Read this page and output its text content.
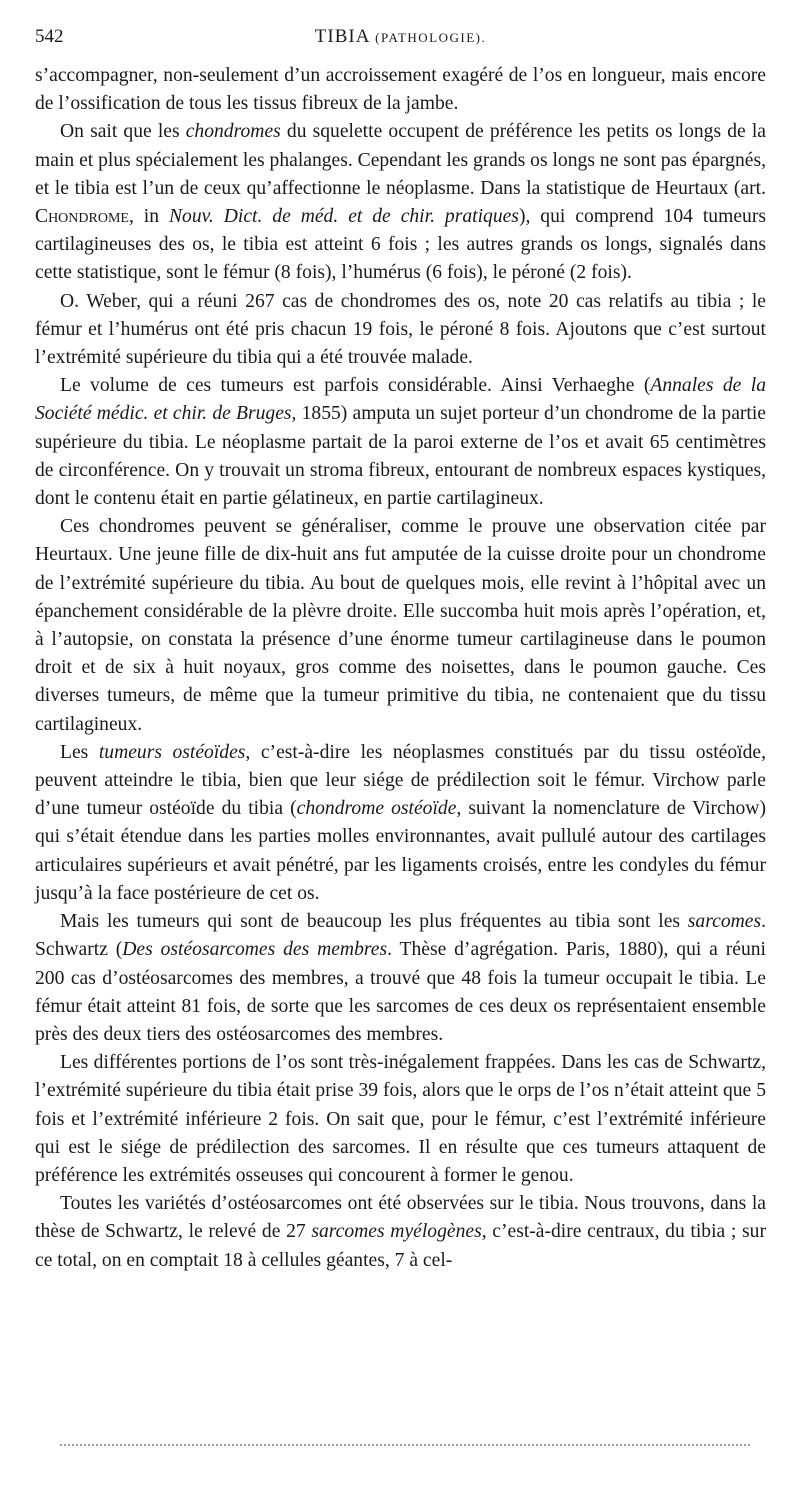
542	TIBIA (PATHOLOGIE).

s’accompagner, non-seulement d’un accroissement exagéré de l’os en longueur, mais encore de l’ossification de tous les tissus fibreux de la jambe.

On sait que les chondromes du squelette occupent de préférence les petits os longs de la main et plus spécialement les phalanges. Cependant les grands os longs ne sont pas épargnés, et le tibia est l’un de ceux qu’affectionne le néoplasme. Dans la statistique de Heurtaux (art. Chondrome, in Nouv. Dict. de méd. et de chir. pratiques), qui comprend 104 tumeurs cartilagineuses des os, le tibia est atteint 6 fois ; les autres grands os longs, signalés dans cette statistique, sont le fémur (8 fois), l’humérus (6 fois), le péroné (2 fois).

O. Weber, qui a réuni 267 cas de chondromes des os, note 20 cas relatifs au tibia ; le fémur et l’humérus ont été pris chacun 19 fois, le péroné 8 fois. Ajoutons que c’est surtout l’extrémité supérieure du tibia qui a été trouvée malade.

Le volume de ces tumeurs est parfois considérable. Ainsi Verhaeghe (Annales de la Société médic. et chir. de Bruges, 1855) amputa un sujet porteur d’un chondrome de la partie supérieure du tibia. Le néoplasme partait de la paroi externe de l’os et avait 65 centimètres de circonférence. On y trouvait un stroma fibreux, entourant de nombreux espaces kystiques, dont le contenu était en partie gélatineux, en partie cartilagineux.

Ces chondromes peuvent se généraliser, comme le prouve une observation citée par Heurtaux. Une jeune fille de dix-huit ans fut amputée de la cuisse droite pour un chondrome de l’extrémité supérieure du tibia. Au bout de quelques mois, elle revint à l’hôpital avec un épanchement considérable de la plèvre droite. Elle succomba huit mois après l’opération, et, à l’autopsie, on constata la présence d’une énorme tumeur cartilagineuse dans le poumon droit et de six à huit noyaux, gros comme des noisettes, dans le poumon gauche. Ces diverses tumeurs, de même que la tumeur primitive du tibia, ne contenaient que du tissu cartilagineux.

Les tumeurs ostéoïdes, c’est-à-dire les néoplasmes constitués par du tissu ostéoïde, peuvent atteindre le tibia, bien que leur siége de prédilection soit le fémur. Virchow parle d’une tumeur ostéoïde du tibia (chondrome ostéoïde, suivant la nomenclature de Virchow) qui s’était étendue dans les parties molles environnantes, avait pullulé autour des cartilages articulaires supérieurs et avait pénétré, par les ligaments croisés, entre les condyles du fémur jusqu’à la face postérieure de cet os.

Mais les tumeurs qui sont de beaucoup les plus fréquentes au tibia sont les sarcomes. Schwartz (Des ostéosarcomes des membres. Thèse d’agrégation. Paris, 1880), qui a réuni 200 cas d’ostéosarcomes des membres, a trouvé que 48 fois la tumeur occupait le tibia. Le fémur était atteint 81 fois, de sorte que les sarcomes de ces deux os représentaient ensemble près des deux tiers des ostéosarcomes des membres.

Les différentes portions de l’os sont très-inégalement frappées. Dans les cas de Schwartz, l’extrémité supérieure du tibia était prise 39 fois, alors que le orps de l’os n’était atteint que 5 fois et l’extrémité inférieure 2 fois. On sait que, pour le fémur, c’est l’extrémité inférieure qui est le siége de prédilection des sarcomes. Il en résulte que ces tumeurs attaquent de préférence les extrémités osseuses qui concourent à former le genou.

Toutes les variétés d’ostéosarcomes ont été observées sur le tibia. Nous trouvons, dans la thèse de Schwartz, le relevé de 27 sarcomes myélogènes, c’est-à-dire centraux, du tibia ; sur ce total, on en comptait 18 à cellules géantes, 7 à cel-
